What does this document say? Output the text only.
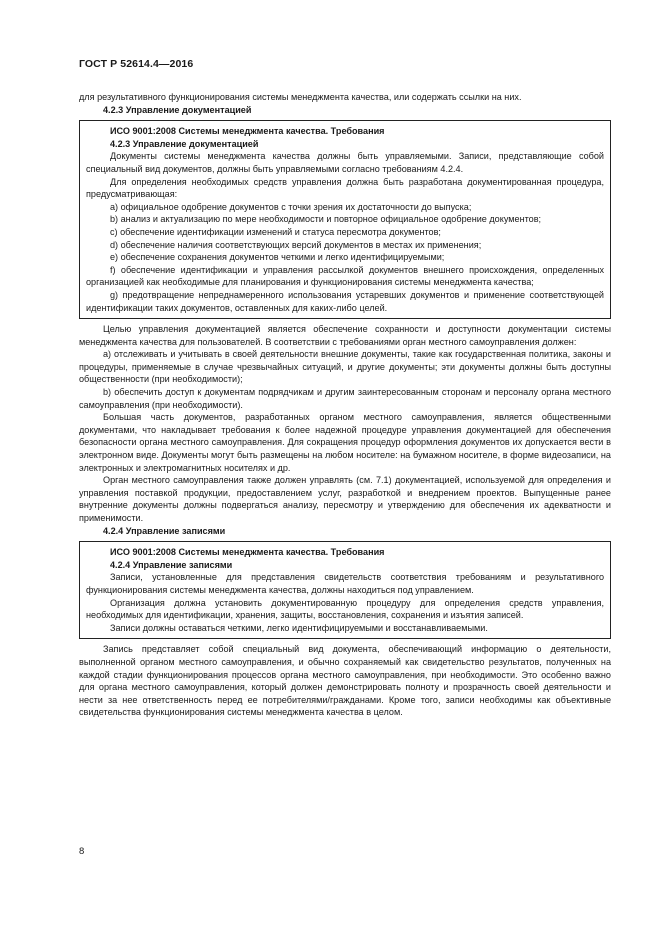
ГОСТ Р 52614.4—2016

для результативного функционирования системы менеджмента качества, или содержать ссылки на них.

4.2.3 Управление документацией

ИСО 9001:2008 Системы менеджмента качества. Требования

4.2.3 Управление документацией

Документы системы менеджмента качества должны быть управляемыми. Записи, представляющие собой специальный вид документов, должны быть управляемыми согласно требованиям 4.2.4.

Для определения необходимых средств управления должна быть разработана документированная процедура, предусматривающая:

a) официальное одобрение документов с точки зрения их достаточности до выпуска;

b) анализ и актуализацию по мере необходимости и повторное официальное одобрение документов;

c) обеспечение идентификации изменений и статуса пересмотра документов;

d) обеспечение наличия соответствующих версий документов в местах их применения;

e) обеспечение сохранения документов четкими и легко идентифицируемыми;

f) обеспечение идентификации и управления рассылкой документов внешнего происхождения, определенных организацией как необходимые для планирования и функционирования системы менеджмента качества;

g) предотвращение непреднамеренного использования устаревших документов и применение соответствующей идентификации таких документов, оставленных для каких-либо целей.

Целью управления документацией является обеспечение сохранности и доступности документации системы менеджмента качества для пользователей. В соответствии с требованиями орган местного самоуправления должен:

a) отслеживать и учитывать в своей деятельности внешние документы, такие как государственная политика, законы и процедуры, применяемые в случае чрезвычайных ситуаций, и другие документы; эти документы должны быть доступны общественности (при необходимости);

b) обеспечить доступ к документам подрядчикам и другим заинтересованным сторонам и персоналу органа местного самоуправления (при необходимости).

Большая часть документов, разработанных органом местного самоуправления, является общественными документами, что накладывает требования к более надежной процедуре управления документацией для обеспечения безопасности органа местного самоуправления. Для сокращения процедур оформления документов их допускается вести в электронном виде. Документы могут быть размещены на любом носителе: на бумажном носителе, в форме видеозаписи, на электронных и электромагнитных носителях и др.

Орган местного самоуправления также должен управлять (см. 7.1) документацией, используемой для определения и управления поставкой продукции, предоставлением услуг, разработкой и внедрением проектов. Выпущенные ранее внутренние документы должны подвергаться анализу, пересмотру и утверждению для обеспечения их адекватности и применимости.

4.2.4 Управление записями

ИСО 9001:2008 Системы менеджмента качества. Требования

4.2.4 Управление записями

Записи, установленные для представления свидетельств соответствия требованиям и результативного функционирования системы менеджмента качества, должны находиться под управлением.

Организация должна установить документированную процедуру для определения средств управления, необходимых для идентификации, хранения, защиты, восстановления, сохранения и изъятия записей.

Записи должны оставаться четкими, легко идентифицируемыми и восстанавливаемыми.

Запись представляет собой специальный вид документа, обеспечивающий информацию о деятельности, выполненной органом местного самоуправления, и обычно сохраняемый как свидетельство результатов, полученных на каждой стадии функционирования процессов органа местного самоуправления, при необходимости. Это особенно важно для органа местного самоуправления, который должен демонстрировать полноту и прозрачность своей деятельности и нести за нее ответственность перед ее потребителями/гражданами. Кроме того, записи необходимы как объективные свидетельства функционирования системы менеджмента качества в целом.

8
